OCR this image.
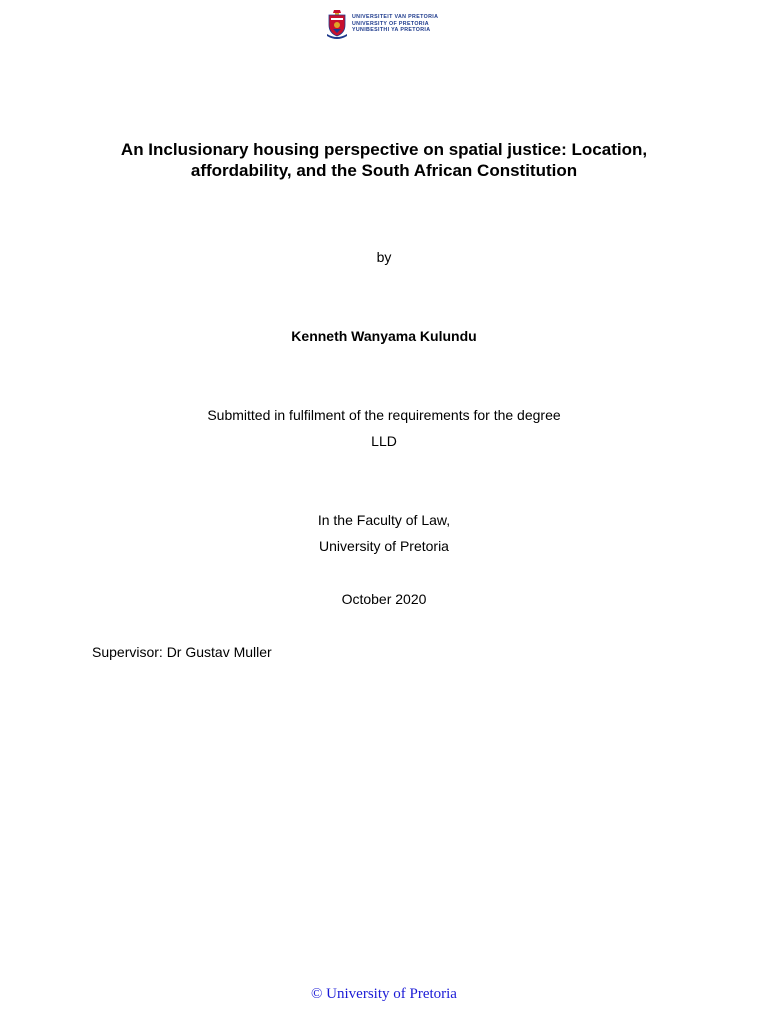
UNIVERSITEIT VAN PRETORIA
UNIVERSITY OF PRETORIA
YUNIBESITHI YA PRETORIA
An Inclusionary housing perspective on spatial justice: Location,
affordability, and the South African Constitution
by
Kenneth Wanyama Kulundu
Submitted in fulfilment of the requirements for the degree
LLD
In the Faculty of Law,
University of Pretoria
October 2020
Supervisor: Dr Gustav Muller
© University of Pretoria
